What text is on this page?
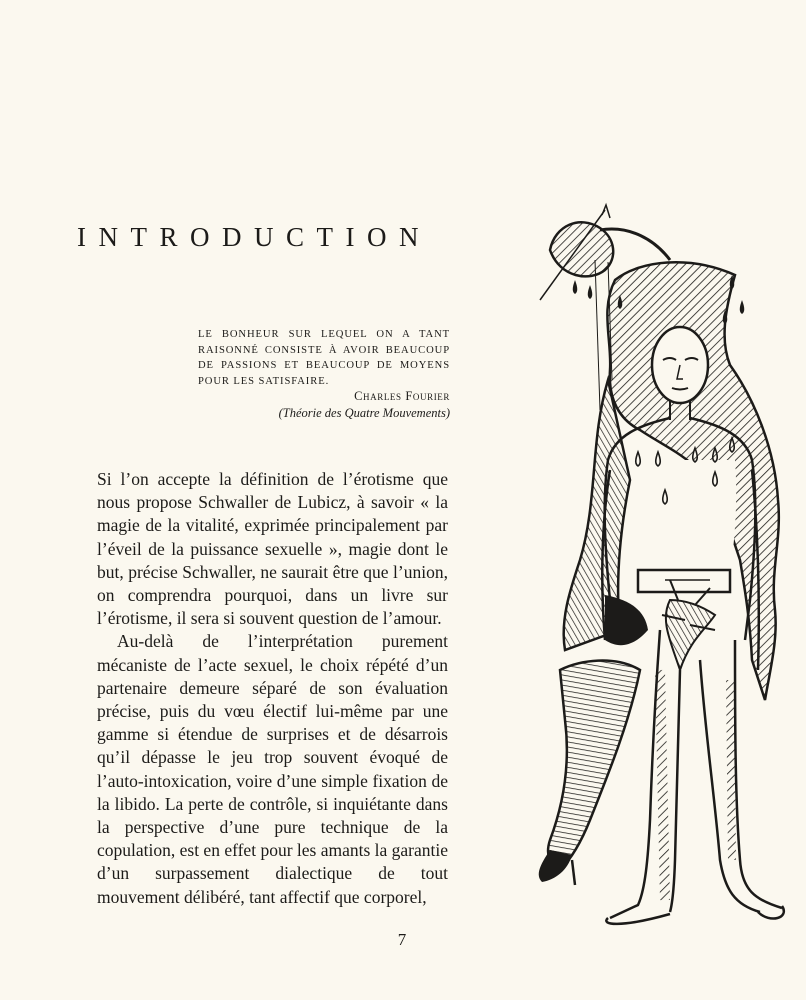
INTRODUCTION
LE BONHEUR SUR LEQUEL ON A TANT RAISONNÉ CONSISTE À AVOIR BEAUCOUP DE PASSIONS ET BEAUCOUP DE MOYENS POUR LES SATISFAIRE.
Charles Fourier
(Théorie des Quatre Mouvements)

Si l’on accepte la définition de l’érotisme que nous propose Schwaller de Lubicz, à savoir « la magie de la vitalité, exprimée principalement par l’éveil de la puissance sexuelle », magie dont le but, précise Schwaller, ne saurait être que l’union, on comprendra pourquoi, dans un livre sur l’érotisme, il sera si souvent question de l’amour.

Au-delà de l’interprétation purement mécaniste de l’acte sexuel, le choix répété d’un partenaire demeure séparé de son évaluation précise, puis du vœu électif lui-même par une gamme si étendue de surprises et de désarrois qu’il dépasse le jeu trop souvent évoqué de l’auto-intoxication, voire d’une simple fixation de la libido. La perte de contrôle, si inquiétante dans la perspective d’une pure technique de la copulation, est en effet pour les amants la garantie d’un surpassement dialectique de tout mouvement délibéré, tant affectif que corporel,

7
